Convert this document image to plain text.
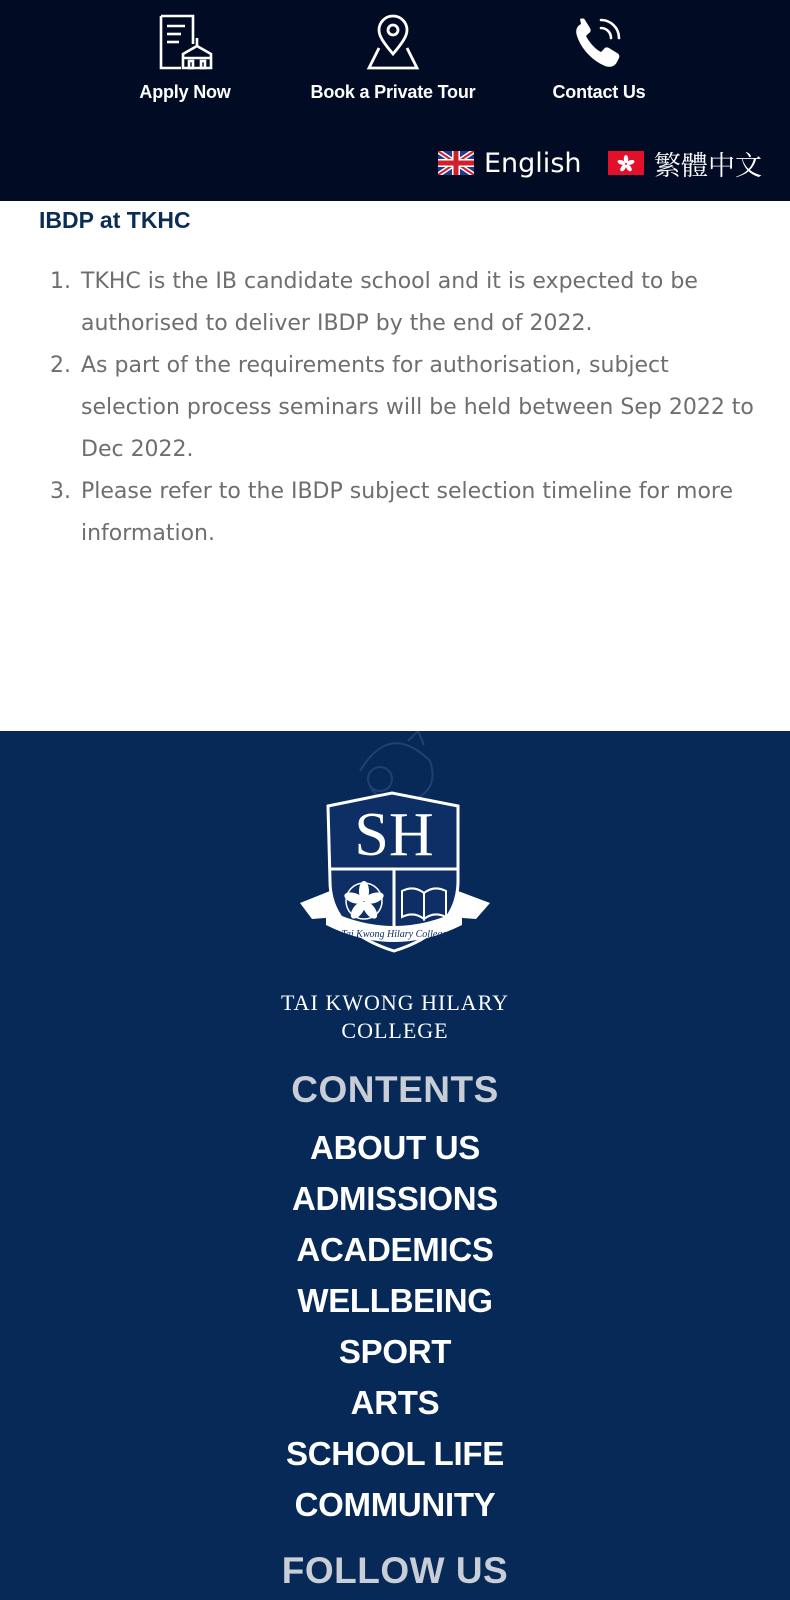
Apply Now	Book a Private Tour	Contact Us
English	繁體中文
IBDP at TKHC
1. TKHC is the IB candidate school and it is expected to be authorised to deliver IBDP by the end of 2022.
2. As part of the requirements for authorisation, subject selection process seminars will be held between Sep 2022 to Dec 2022.
3. Please refer to the IBDP subject selection timeline for more information.
SH
Tai Kwong Hilary College
TAI KWONG HILARY
COLLEGE
CONTENTS
ABOUT US
ADMISSIONS
ACADEMICS
WELLBEING
SPORT
ARTS
SCHOOL LIFE
COMMUNITY
FOLLOW US
